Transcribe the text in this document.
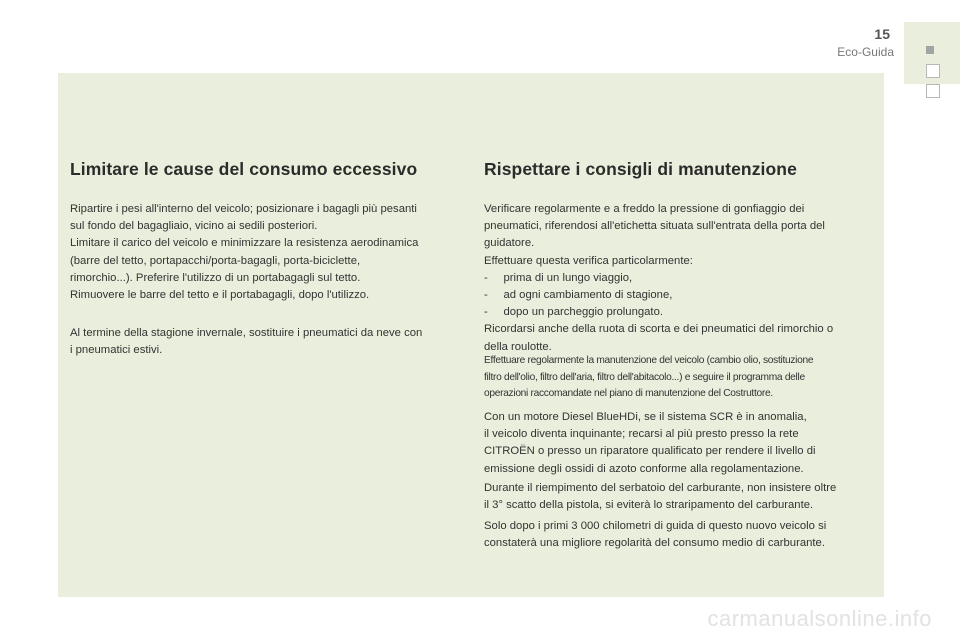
15
Eco-Guida
Limitare le cause del consumo eccessivo

Ripartire i pesi all'interno del veicolo; posizionare i bagagli più pesanti
sul fondo del bagagliaio, vicino ai sedili posteriori.
Limitare il carico del veicolo e minimizzare la resistenza aerodinamica
(barre del tetto, portapacchi/porta-bagagli, porta-biciclette,
rimorchio...). Preferire l'utilizzo di un portabagagli sul tetto.
Rimuovere le barre del tetto e il portabagagli, dopo l'utilizzo.

Al termine della stagione invernale, sostituire i pneumatici da neve con
i pneumatici estivi.

Rispettare i consigli di manutenzione

Verificare regolarmente e a freddo la pressione di gonfiaggio dei
pneumatici, riferendosi all'etichetta situata sull'entrata della porta del
guidatore.
Effettuare questa verifica particolarmente:
-     prima di un lungo viaggio,
-     ad ogni cambiamento di stagione,
-     dopo un parcheggio prolungato.
Ricordarsi anche della ruota di scorta e dei pneumatici del rimorchio o
della roulotte.

Effettuare regolarmente la manutenzione del veicolo (cambio olio, sostituzione
filtro dell'olio, filtro dell'aria, filtro dell'abitacolo...) e seguire il programma delle
operazioni raccomandate nel piano di manutenzione del Costruttore.

Con un motore Diesel BlueHDi, se il sistema SCR è in anomalia,
il veicolo diventa inquinante; recarsi al più presto presso la rete
CITROËN o presso un riparatore qualificato per rendere il livello di
emissione degli ossidi di azoto conforme alla regolamentazione.

Durante il riempimento del serbatoio del carburante, non insistere oltre
il 3° scatto della pistola, si eviterà lo straripamento del carburante.

Solo dopo i primi 3 000 chilometri di guida di questo nuovo veicolo si
constaterà una migliore regolarità del consumo medio di carburante.

carmanualsonline.info
